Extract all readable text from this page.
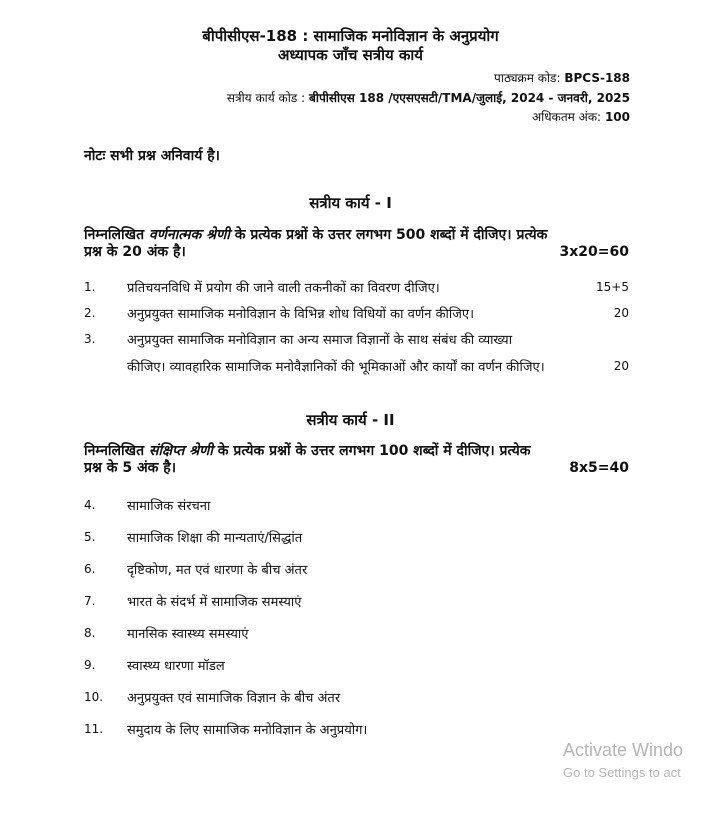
बीपीसीएस-188 : सामाजिक मनोविज्ञान के अनुप्रयोग
अध्यापक जाँच सत्रीय कार्य
पाठ्यक्रम कोड: BPCS-188
सत्रीय कार्य कोड : बीपीसीएस 188 /एएसएसटी/TMA/जुलाई, 2024 - जनवरी, 2025
अधिकतम अंक: 100
नोटः सभी प्रश्न अनिवार्य है।
सत्रीय कार्य - I
निम्नलिखित वर्णनात्मक श्रेणी के प्रत्येक प्रश्नों के उत्तर लगभग 500 शब्दों में दीजिए। प्रत्येक
प्रश्न के 20 अंक है।	3x20=60
1. प्रतिचयनविधि में प्रयोग की जाने वाली तकनीकों का विवरण दीजिए।	15+5
2. अनुप्रयुक्त सामाजिक मनोविज्ञान के विभिन्न शोध विधियों का वर्णन कीजिए।	20
3. अनुप्रयुक्त सामाजिक मनोविज्ञान का अन्य समाज विज्ञानों के साथ संबंध की व्याख्या
कीजिए। व्यावहारिक सामाजिक मनोवैज्ञानिकों की भूमिकाओं और कार्यों का वर्णन कीजिए।	20
सत्रीय कार्य - II
निम्नलिखित संक्षिप्त श्रेणी के प्रत्येक प्रश्नों के उत्तर लगभग 100 शब्दों में दीजिए। प्रत्येक
प्रश्न के 5 अंक है।	8x5=40
4. सामाजिक संरचना
5. सामाजिक शिक्षा की मान्यताएं/सिद्धांत
6. दृष्टिकोण, मत एवं धारणा के बीच अंतर
7. भारत के संदर्भ में सामाजिक समस्याएं
8. मानसिक स्वास्थ्य समस्याएं
9. स्वास्थ्य धारणा मॉडल
10. अनुप्रयुक्त एवं सामाजिक विज्ञान के बीच अंतर
11. समुदाय के लिए सामाजिक मनोविज्ञान के अनुप्रयोग।
Activate Windo
Go to Settings to act
